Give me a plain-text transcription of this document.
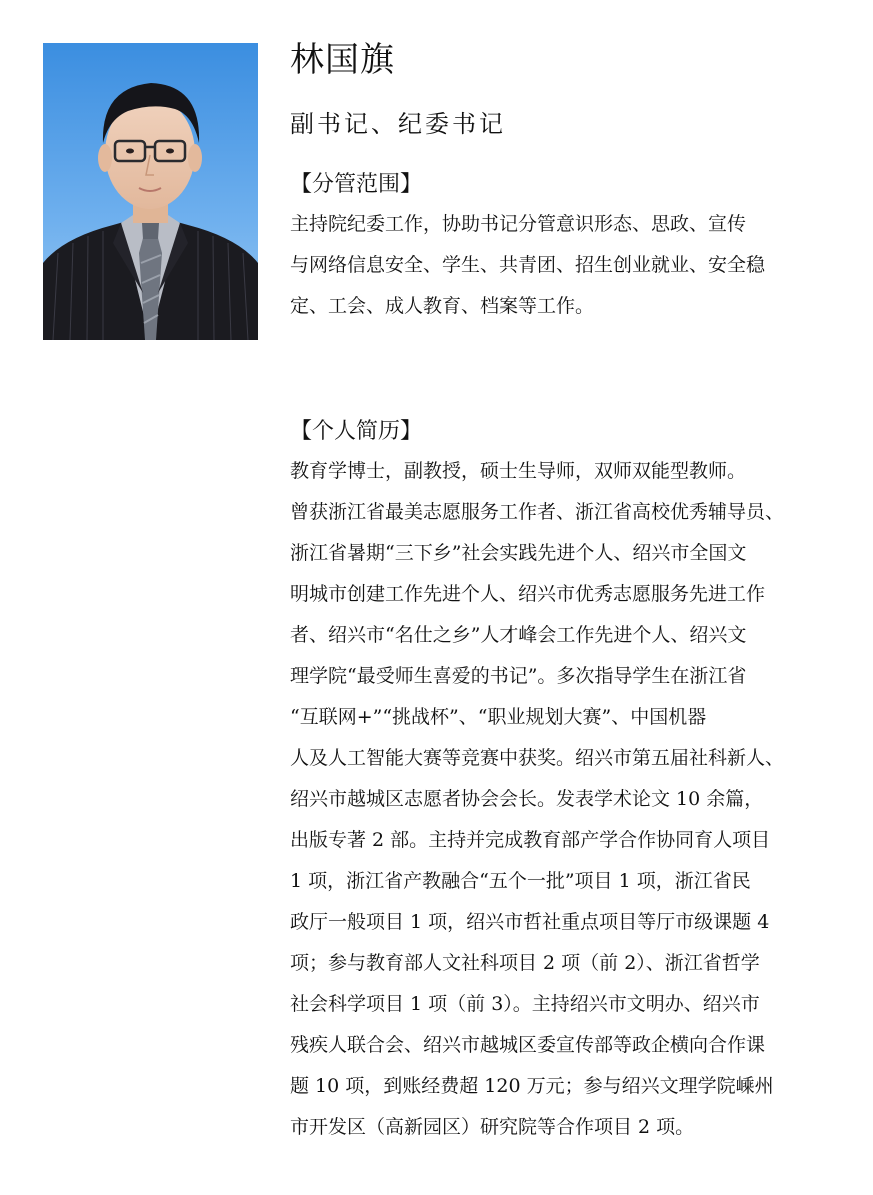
林国旗
副书记、纪委书记
【分管范围】

主持院纪委工作，协助书记分管意识形态、思政、宣传

与网络信息安全、学生、共青团、招生创业就业、安全稳

定、工会、成人教育、档案等工作。

【个人简历】

教育学博士，副教授，硕士生导师，双师双能型教师。

曾获浙江省最美志愿服务工作者、浙江省高校优秀辅导员、

浙江省暑期“三下乡”社会实践先进个人、绍兴市全国文

明城市创建工作先进个人、绍兴市优秀志愿服务先进工作

者、绍兴市“名仕之乡”人才峰会工作先进个人、绍兴文

理学院“最受师生喜爱的书记”。多次指导学生在浙江省

“互联网+”“挑战杯”、“职业规划大赛”、中国机器

人及人工智能大赛等竞赛中获奖。绍兴市第五届社科新人、

绍兴市越城区志愿者协会会长。发表学术论文 10 余篇，

出版专著 2 部。主持并完成教育部产学合作协同育人项目

1 项，浙江省产教融合“五个一批”项目 1 项，浙江省民

政厅一般项目 1 项，绍兴市哲社重点项目等厅市级课题 4

项；参与教育部人文社科项目 2 项（前 2）、浙江省哲学

社会科学项目 1 项（前 3）。主持绍兴市文明办、绍兴市

残疾人联合会、绍兴市越城区委宣传部等政企横向合作课

题 10 项，到账经费超 120 万元；参与绍兴文理学院嵊州

市开发区（高新园区）研究院等合作项目 2 项。
